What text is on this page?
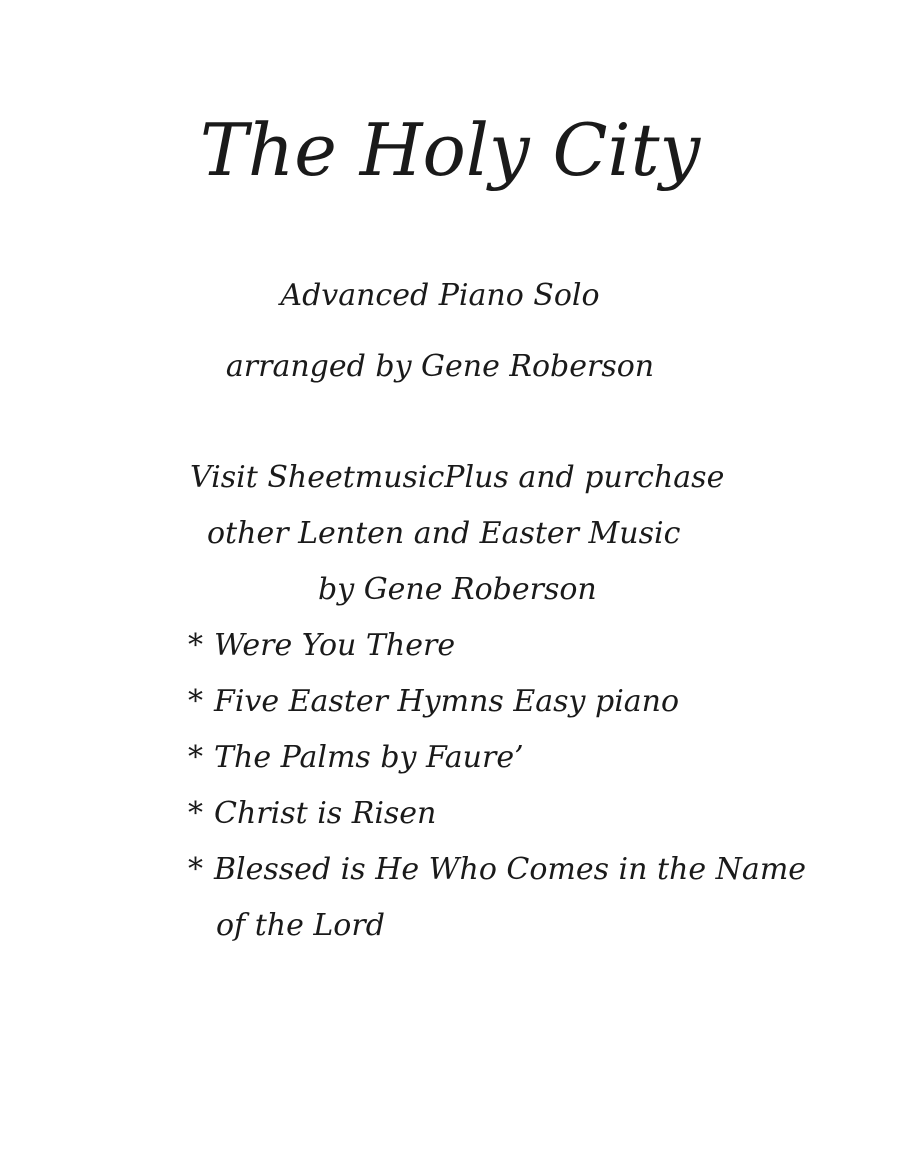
The Holy City

Advanced Piano Solo

arranged by Gene Roberson

Visit SheetmusicPlus and purchase

other Lenten and Easter Music

by Gene Roberson

* Were You There

* Five Easter Hymns Easy piano

* The Palms by Faure’

* Christ is Risen

* Blessed is He Who Comes in the Name

of the Lord
